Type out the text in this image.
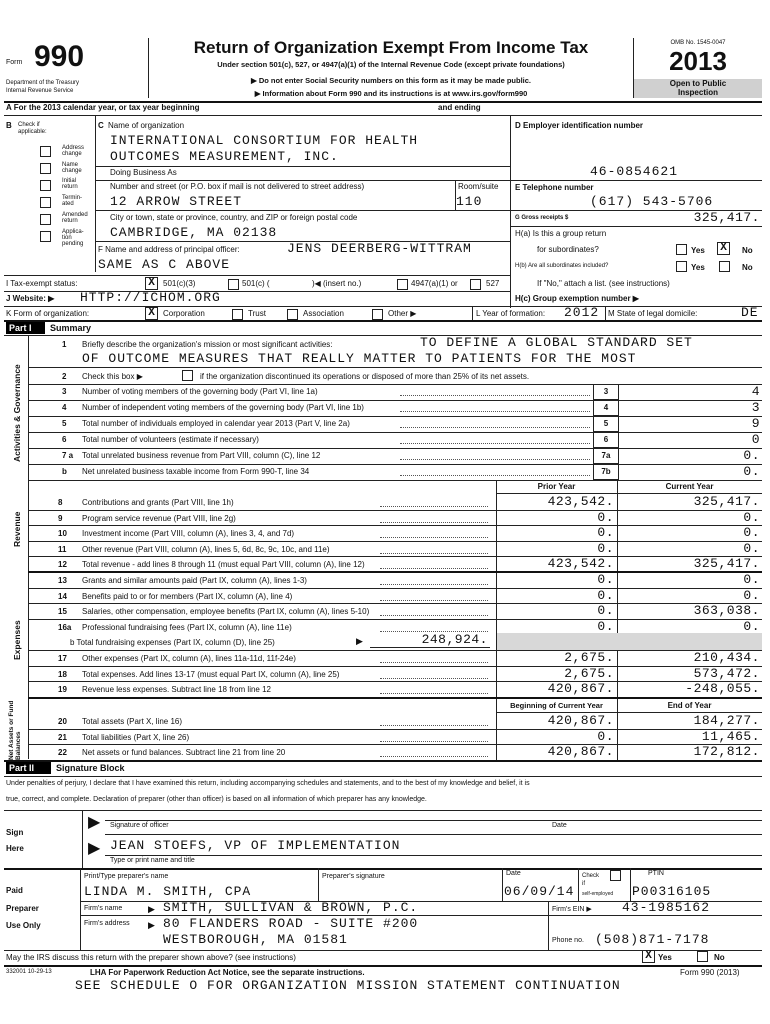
Form 990
Department of the Treasury
Internal Revenue Service
Return of Organization Exempt From Income Tax
Under section 501(c), 527, or 4947(a)(1) of the Internal Revenue Code (except private foundations)
▶ Do not enter Social Security numbers on this form as it may be made public.
▶ Information about Form 990 and its instructions is at www.irs.gov/form990
OMB No. 1545-0047
2013
Open to Public
Inspection
A For the 2013 calendar year, or tax year beginning	and ending
B Check if
applicable:
Address change
Name change
Initial return
Termin-ated
Amended return
Applica-tion pending
C Name of organization
INTERNATIONAL CONSORTIUM FOR HEALTH
OUTCOMES MEASUREMENT, INC.
Doing Business As
Number and street (or P.O. box if mail is not delivered to street address)	Room/suite
12 ARROW STREET	110
City or town, state or province, country, and ZIP or foreign postal code
CAMBRIDGE, MA 02138
F Name and address of principal officer:	JENS DEERBERG-WITTRAM
SAME AS C ABOVE
D Employer identification number
46-0854621
E Telephone number
(617) 543-5706
G Gross receipts $	325,417.
H(a) Is this a group return
for subordinates?	Yes X	No
H(b) Are all subordinates included?	Yes	No
If "No," attach a list. (see instructions)
I Tax-exempt status:	X	501(c)(3)	501(c) (	)◀ (insert no.)	4947(a)(1) or	527
J Website: ▶ HTTP://ICHOM.ORG	H(c) Group exemption number ▶
K Form of organization:	X	Corporation	Trust	Association	Other ▶	L Year of formation: 2012 M State of legal domicile:	DE
Part I	Summary
Activities & Governance
Revenue
Expenses
Net Assets or Fund Balances
1 Briefly describe the organization's mission or most significant activities:	TO DEFINE A GLOBAL STANDARD SET
OF OUTCOME MEASURES THAT REALLY MATTER TO PATIENTS FOR THE MOST
2 Check this box ▶	if the organization discontinued its operations or disposed of more than 25% of its net assets.
3 Number of voting members of the governing body (Part VI, line 1a)	3	4
4 Number of independent voting members of the governing body (Part VI, line 1b)	4	3
5 Total number of individuals employed in calendar year 2013 (Part V, line 2a)	5	9
6 Total number of volunteers (estimate if necessary)	6	0
7 a Total unrelated business revenue from Part VIII, column (C), line 12	7a	0.
b Net unrelated business taxable income from Form 990-T, line 34	7b	0.
Prior Year	Current Year
8 Contributions and grants (Part VIII, line 1h)	423,542.	325,417.
9 Program service revenue (Part VIII, line 2g)	0.	0.
10 Investment income (Part VIII, column (A), lines 3, 4, and 7d)	0.	0.
11 Other revenue (Part VIII, column (A), lines 5, 6d, 8c, 9c, 10c, and 11e)	0.	0.
12 Total revenue - add lines 8 through 11 (must equal Part VIII, column (A), line 12)	423,542.	325,417.
13 Grants and similar amounts paid (Part IX, column (A), lines 1-3)	0.	0.
14 Benefits paid to or for members (Part IX, column (A), line 4)	0.	0.
15 Salaries, other compensation, employee benefits (Part IX, column (A), lines 5-10)	0.	363,038.
16a Professional fundraising fees (Part IX, column (A), line 11e)	0.	0.

b Total fundraising expenses (Part IX, column (D), line 25)	▶	248,924.
17 Other expenses (Part IX, column (A), lines 11a-11d, 11f-24e)	2,675.	210,434.
18 Total expenses. Add lines 13-17 (must equal Part IX, column (A), line 25)	2,675.	573,472.
19 Revenue less expenses. Subtract line 18 from line 12	420,867.	-248,055.
Beginning of Current Year	End of Year
20 Total assets (Part X, line 16)	420,867.	184,277.
21 Total liabilities (Part X, line 26)	0.	11,465.
22 Net assets or fund balances. Subtract line 21 from line 20	420,867.	172,812.
Part II	Signature Block
Under penalties of perjury, I declare that I have examined this return, including accompanying schedules and statements, and to the best of my knowledge and belief, it is
true, correct, and complete. Declaration of preparer (other than officer) is based on all information of which preparer has any knowledge.
Sign
Here
▶
▶
Signature of officer	Date
JEAN STOEFS, VP OF IMPLEMENTATION
Type or print name and title
Paid
Preparer
Use Only
Print/Type preparer's name	Preparer's signature	Date	Check
if
self-employed
PTIN
LINDA M. SMITH, CPA	06/09/14	P00316105
Firm's name	▶ SMITH, SULLIVAN & BROWN, P.C.	Firm's EIN ▶ 43-1985162
Firm's address ▶ 80 FLANDERS ROAD - SUITE #200
WESTBOROUGH, MA 01581	Phone no. (508)871-7178
May the IRS discuss this return with the preparer shown above? (see instructions)	X Yes	No
332001 10-29-13	LHA For Paperwork Reduction Act Notice, see the separate instructions.	Form 990 (2013)
SEE SCHEDULE O FOR ORGANIZATION MISSION STATEMENT CONTINUATION
